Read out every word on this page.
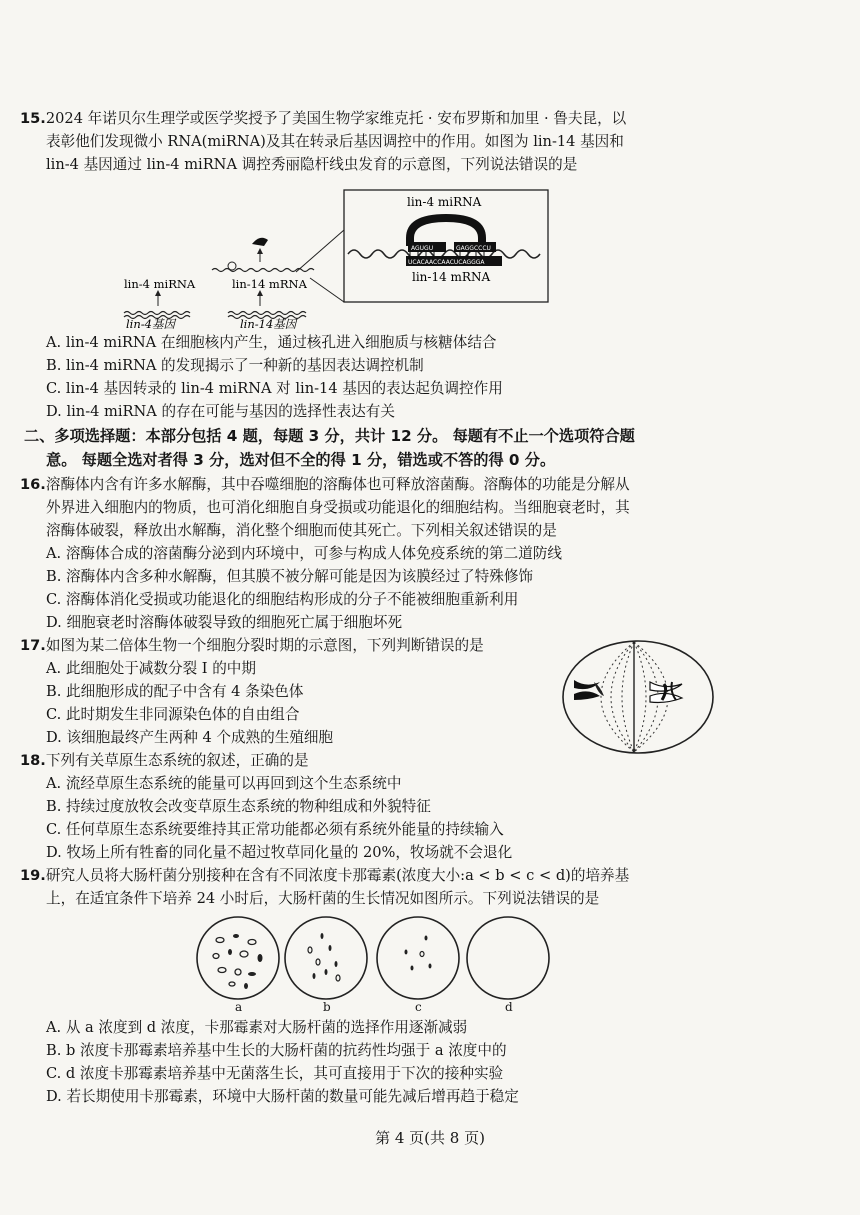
15.2024 年诺贝尔生理学或医学奖授予了美国生物学家维克托 · 安布罗斯和加里 · 鲁夫昆，以
表彰他们发现微小 RNA(miRNA)及其在转录后基因调控中的作用。如图为 lin-14 基因和
lin-4 基因通过 lin-4 miRNA 调控秀丽隐杆线虫发育的示意图，下列说法错误的是
AGUGU	GAGGCCCU
UCACAACCAACUCAGGGA
lin-4 miRNA
lin-14 mRNA
lin-4 miRNA	lin-14 mRNA
lin-4基因	lin-14基因
A. lin-4 miRNA 在细胞核内产生，通过核孔进入细胞质与核糖体结合
B. lin-4 miRNA 的发现揭示了一种新的基因表达调控机制
C. lin-4 基因转录的 lin-4 miRNA 对 lin-14 基因的表达起负调控作用
D. lin-4 miRNA 的存在可能与基因的选择性表达有关
二、多项选择题：本部分包括 4 题，每题 3 分，共计 12 分。 每题有不止一个选项符合题
意。 每题全选对者得 3 分，选对但不全的得 1 分，错选或不答的得 0 分。
16.溶酶体内含有许多水解酶，其中吞噬细胞的溶酶体也可释放溶菌酶。溶酶体的功能是分解从
外界进入细胞内的物质，也可消化细胞自身受损或功能退化的细胞结构。当细胞衰老时，其
溶酶体破裂，释放出水解酶，消化整个细胞而使其死亡。下列相关叙述错误的是
A. 溶酶体合成的溶菌酶分泌到内环境中，可参与构成人体免疫系统的第二道防线
B. 溶酶体内含多种水解酶，但其膜不被分解可能是因为该膜经过了特殊修饰
C. 溶酶体消化受损或功能退化的细胞结构形成的分子不能被细胞重新利用
D. 细胞衰老时溶酶体破裂导致的细胞死亡属于细胞坏死
17.如图为某二倍体生物一个细胞分裂时期的示意图，下列判断错误的是
A. 此细胞处于减数分裂 Ⅰ 的中期
B. 此细胞形成的配子中含有 4 条染色体
C. 此时期发生非同源染色体的自由组合
D. 该细胞最终产生两种 4 个成熟的生殖细胞
18.下列有关草原生态系统的叙述，正确的是
A. 流经草原生态系统的能量可以再回到这个生态系统中
B. 持续过度放牧会改变草原生态系统的物种组成和外貌特征
C. 任何草原生态系统要维持其正常功能都必须有系统外能量的持续输入
D. 牧场上所有牲畜的同化量不超过牧草同化量的 20%，牧场就不会退化
19.研究人员将大肠杆菌分别接种在含有不同浓度卡那霉素(浓度大小:a < b < c < d)的培养基
上，在适宜条件下培养 24 小时后，大肠杆菌的生长情况如图所示。下列说法错误的是
a	b	c	d
A. 从 a 浓度到 d 浓度，卡那霉素对大肠杆菌的选择作用逐渐减弱
B. b 浓度卡那霉素培养基中生长的大肠杆菌的抗药性均强于 a 浓度中的
C. d 浓度卡那霉素培养基中无菌落生长，其可直接用于下次的接种实验
D. 若长期使用卡那霉素，环境中大肠杆菌的数量可能先减后增再趋于稳定
第 4 页(共 8 页)
